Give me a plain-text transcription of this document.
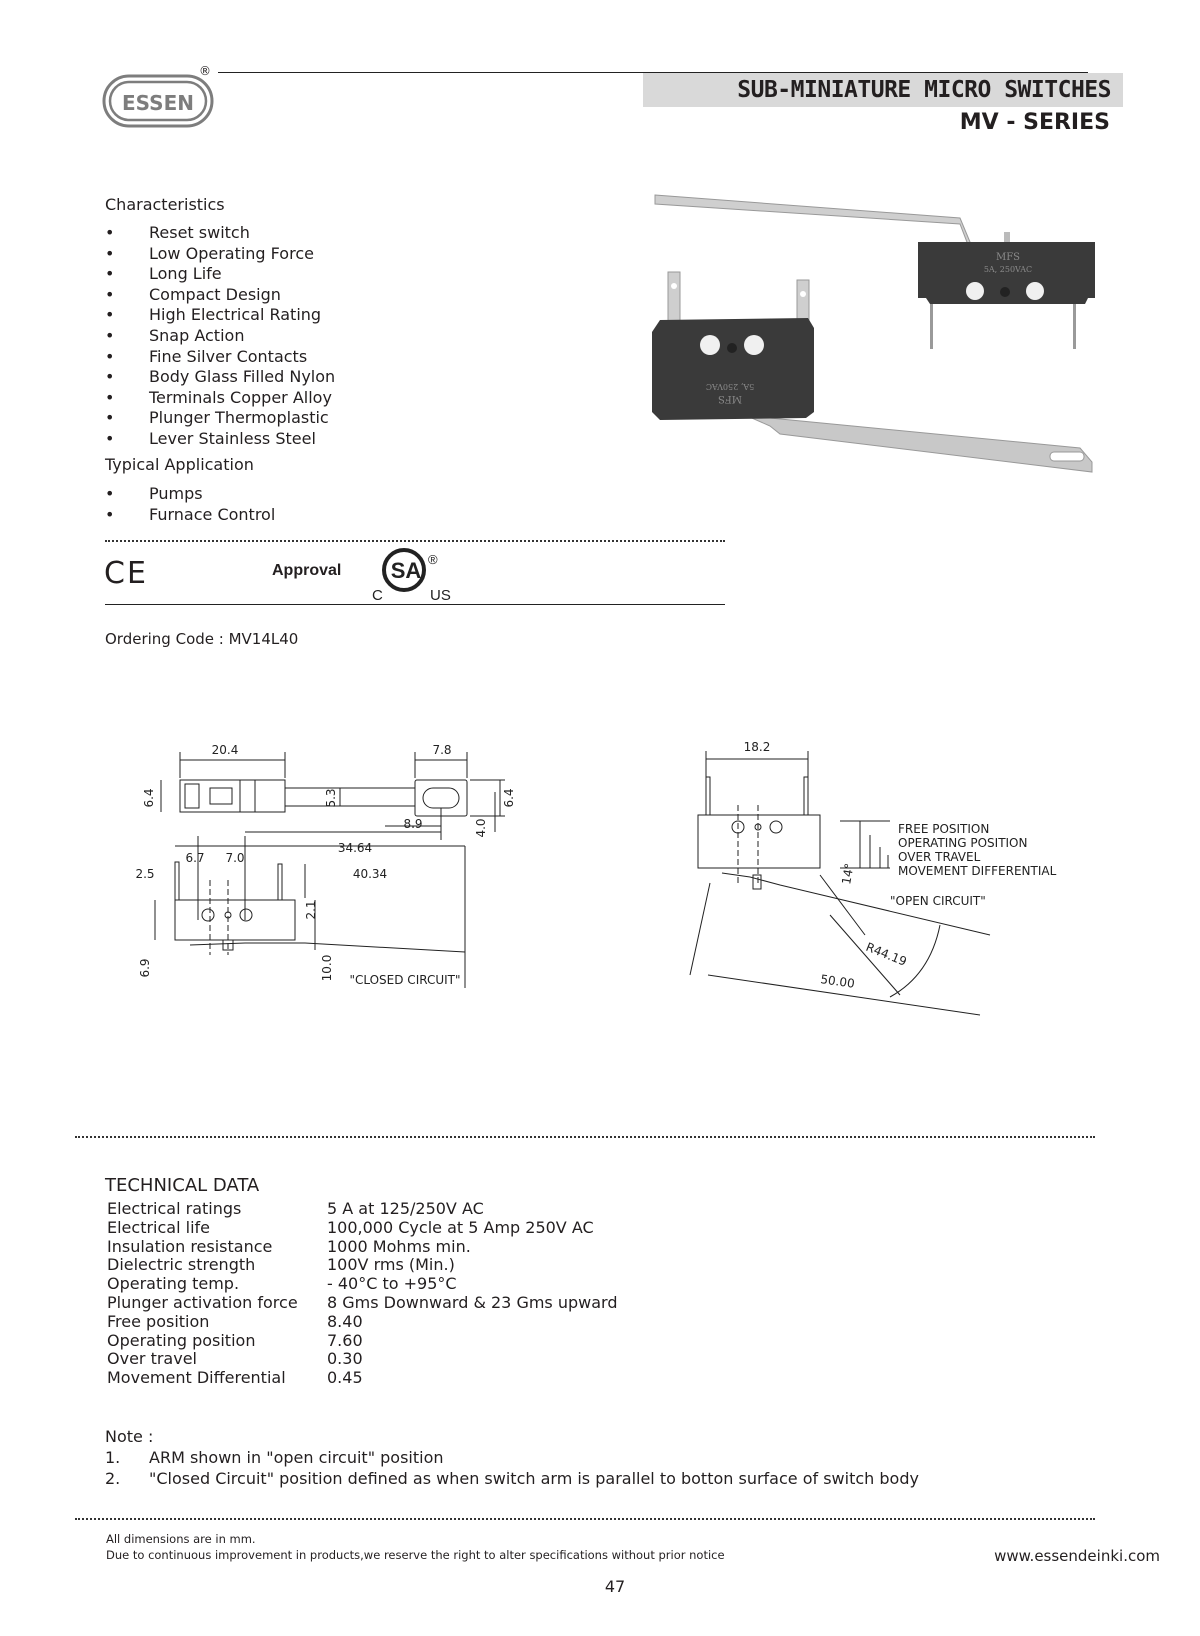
ESSEN
®
SUB-MINIATURE MICRO SWITCHES
MV - SERIES
Characteristics
• Reset switch
• Low Operating Force
• Long Life
• Compact Design
• High Electrical Rating
• Snap Action
• Fine Silver Contacts
• Body Glass Filled Nylon
• Terminals Copper Alloy
• Plunger Thermoplastic
• Lever Stainless Steel
Typical Application
• Pumps
• Furnace Control
MFS
5A, 250VAC
5A, 250VAC
MFS
CE	Approval SA
C	US
®
Ordering Code : MV14L40
20.4	7.8
6.4	5.3	6.4
8.9	4.0
34.64
6.7 7.0
2.5	40.34
2.1
6.9	10.0 "CLOSED CIRCUIT"
18.2
FREE POSITION
OPERATING POSITION
OVER TRAVEL
MOVEMENT DIFFERENTIAL
14°
"OPEN CIRCUIT"
R44.19
50.00
TECHNICAL DATA
Electrical ratings	5 A at 125/250V AC
Electrical life	100,000 Cycle at 5 Amp 250V AC
Insulation resistance	1000 Mohms min.
Dielectric strength	100V rms (Min.)
Operating temp.	- 40°C to +95°C
Plunger activation force	8 Gms Downward & 23 Gms upward
Free position	8.40
Operating position	7.60
Over travel	0.30
Movement Differential	0.45
Note :
1.	ARM shown in "open circuit" position
2.	"Closed Circuit" position defined as when switch arm is parallel to botton surface of switch body
All dimensions are in mm.
Due to continuous improvement in products,we reserve the right to alter specifications without prior notice	www.essendeinki.com
47
